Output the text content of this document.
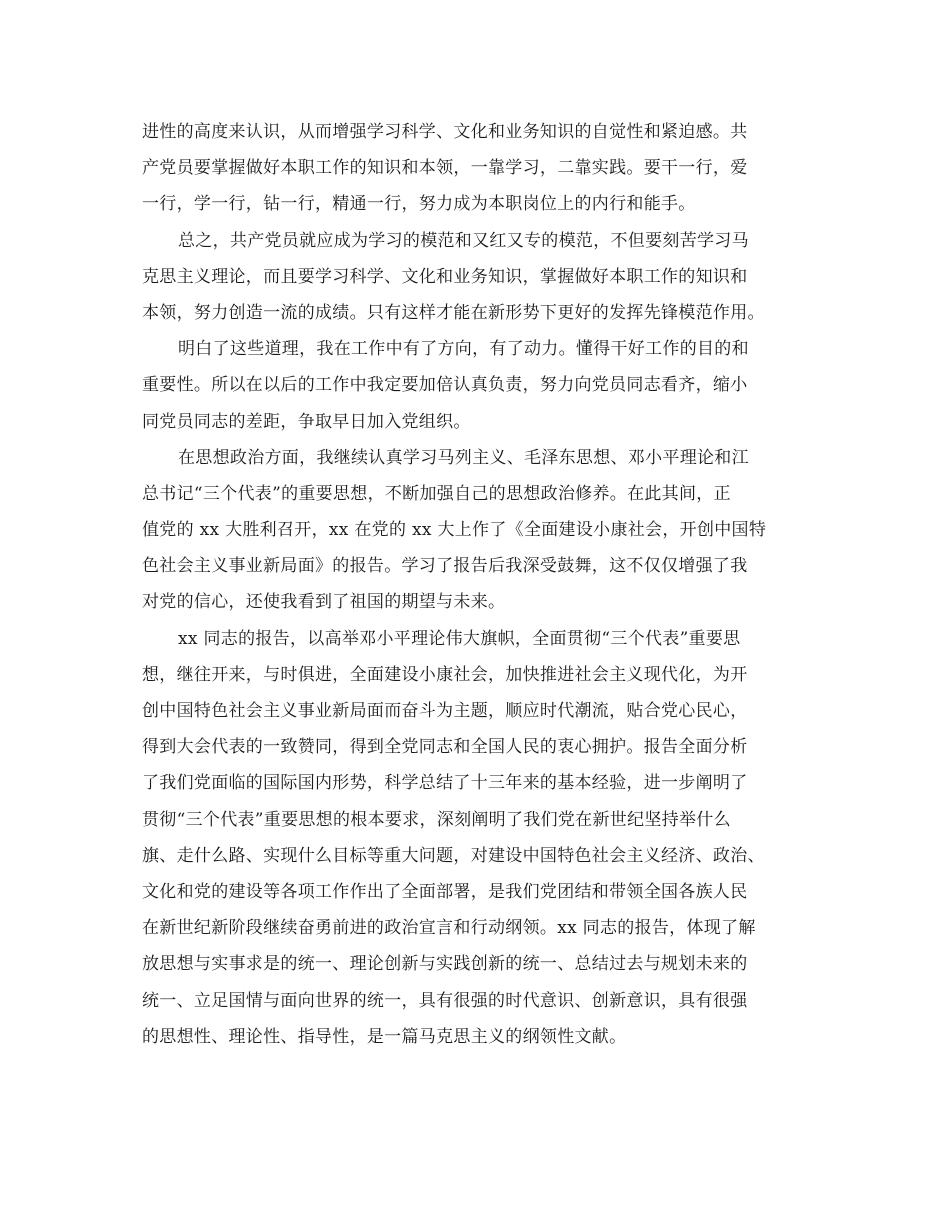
进性的高度来认识，从而增强学习科学、文化和业务知识的自觉性和紧迫感。共
产党员要掌握做好本职工作的知识和本领，一靠学习，二靠实践。要干一行，爱
一行，学一行，钻一行，精通一行，努力成为本职岗位上的内行和能手。
总之，共产党员就应成为学习的模范和又红又专的模范，不但要刻苦学习马
克思主义理论，而且要学习科学、文化和业务知识，掌握做好本职工作的知识和
本领，努力创造一流的成绩。只有这样才能在新形势下更好的发挥先锋模范作用。
明白了这些道理，我在工作中有了方向，有了动力。懂得干好工作的目的和
重要性。所以在以后的工作中我定要加倍认真负责，努力向党员同志看齐，缩小
同党员同志的差距，争取早日加入党组织。
在思想政治方面，我继续认真学习马列主义、毛泽东思想、邓小平理论和江
总书记“三个代表”的重要思想，不断加强自己的思想政治修养。在此其间，正
值党的 xx 大胜利召开，xx 在党的 xx 大上作了《全面建设小康社会，开创中国特
色社会主义事业新局面》的报告。学习了报告后我深受鼓舞，这不仅仅增强了我
对党的信心，还使我看到了祖国的期望与未来。
xx 同志的报告，以高举邓小平理论伟大旗帜，全面贯彻“三个代表”重要思
想，继往开来，与时俱进，全面建设小康社会，加快推进社会主义现代化，为开
创中国特色社会主义事业新局面而奋斗为主题，顺应时代潮流，贴合党心民心，
得到大会代表的一致赞同，得到全党同志和全国人民的衷心拥护。报告全面分析
了我们党面临的国际国内形势，科学总结了十三年来的基本经验，进一步阐明了
贯彻“三个代表”重要思想的根本要求，深刻阐明了我们党在新世纪坚持举什么
旗、走什么路、实现什么目标等重大问题，对建设中国特色社会主义经济、政治、
文化和党的建设等各项工作作出了全面部署，是我们党团结和带领全国各族人民
在新世纪新阶段继续奋勇前进的政治宣言和行动纲领。xx 同志的报告，体现了解
放思想与实事求是的统一、理论创新与实践创新的统一、总结过去与规划未来的
统一、立足国情与面向世界的统一，具有很强的时代意识、创新意识，具有很强
的思想性、理论性、指导性，是一篇马克思主义的纲领性文献。
